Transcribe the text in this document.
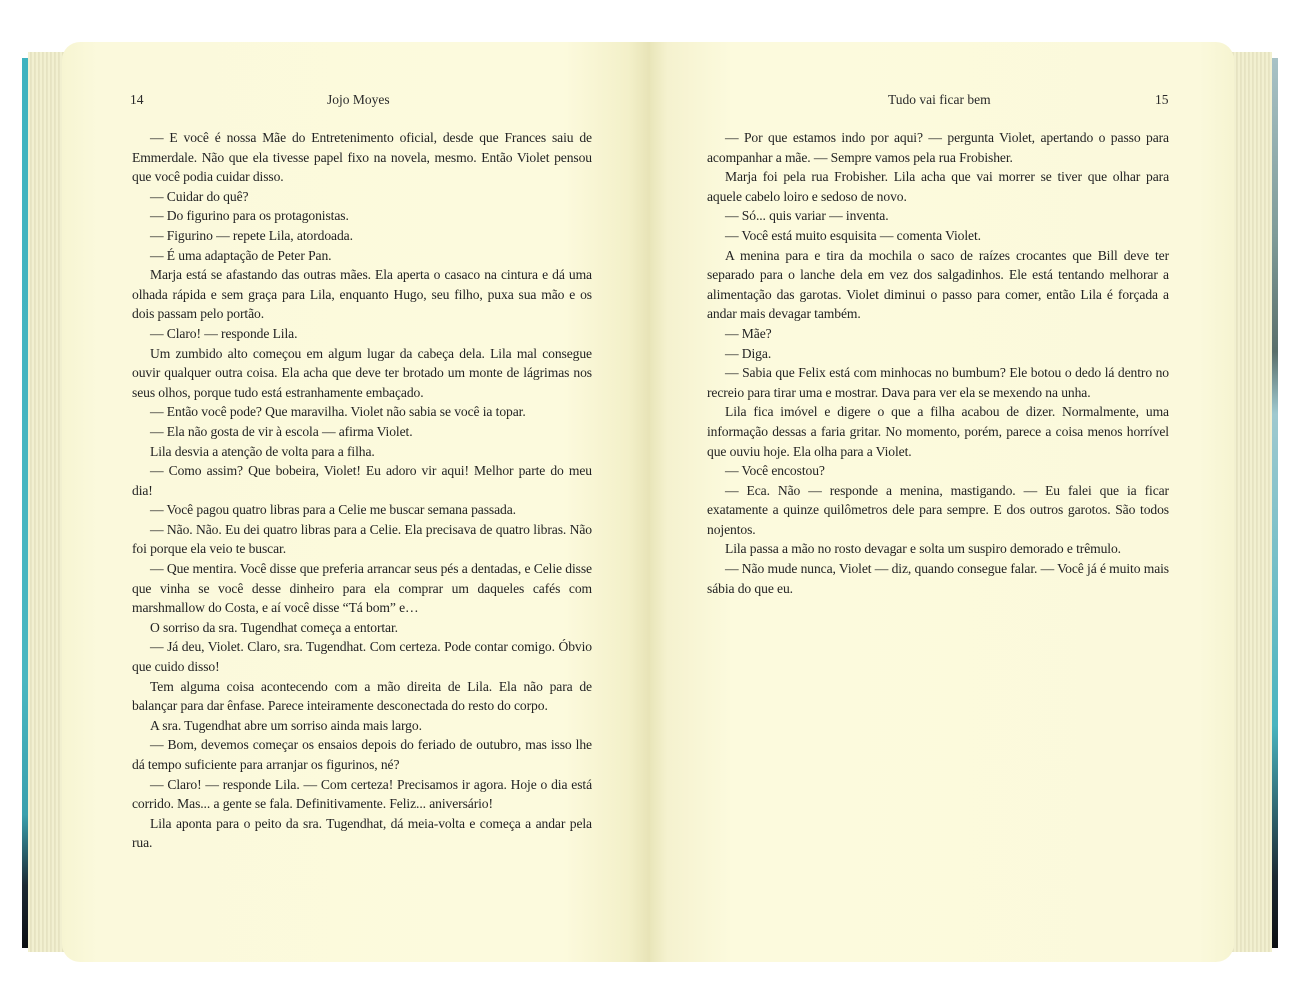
14	Jojo Moyes

— E você é nossa Mãe do Entretenimento oficial, desde que Frances saiu de Emmerdale. Não que ela tivesse papel fixo na novela, mesmo. Então Violet pensou que você podia cuidar disso.

— Cuidar do quê?

— Do figurino para os protagonistas.

— Figurino — repete Lila, atordoada.

— É uma adaptação de Peter Pan.

Marja está se afastando das outras mães. Ela aperta o casaco na cintura e dá uma olhada rápida e sem graça para Lila, enquanto Hugo, seu filho, puxa sua mão e os dois passam pelo portão.

— Claro! — responde Lila.

Um zumbido alto começou em algum lugar da cabeça dela. Lila mal consegue ouvir qualquer outra coisa. Ela acha que deve ter brotado um monte de lágrimas nos seus olhos, porque tudo está estranhamente embaçado.

— Então você pode? Que maravilha. Violet não sabia se você ia topar.

— Ela não gosta de vir à escola — afirma Violet.

Lila desvia a atenção de volta para a filha.

— Como assim? Que bobeira, Violet! Eu adoro vir aqui! Melhor parte do meu dia!

— Você pagou quatro libras para a Celie me buscar semana passada.

— Não. Não. Eu dei quatro libras para a Celie. Ela precisava de quatro libras. Não foi porque ela veio te buscar.

— Que mentira. Você disse que preferia arrancar seus pés a dentadas, e Celie disse que vinha se você desse dinheiro para ela comprar um daqueles cafés com marshmallow do Costa, e aí você disse “Tá bom” e…

O sorriso da sra. Tugendhat começa a entortar.

— Já deu, Violet. Claro, sra. Tugendhat. Com certeza. Pode contar comigo. Óbvio que cuido disso!

Tem alguma coisa acontecendo com a mão direita de Lila. Ela não para de balançar para dar ênfase. Parece inteiramente desconectada do resto do corpo.

A sra. Tugendhat abre um sorriso ainda mais largo.

— Bom, devemos começar os ensaios depois do feriado de outubro, mas isso lhe dá tempo suficiente para arranjar os figurinos, né?

— Claro! — responde Lila. — Com certeza! Precisamos ir agora. Hoje o dia está corrido. Mas... a gente se fala. Definitivamente. Feliz... aniversário!

Lila aponta para o peito da sra. Tugendhat, dá meia-volta e começa a andar pela rua.

Tudo vai ficar bem	15

— Por que estamos indo por aqui? — pergunta Violet, apertando o passo para acompanhar a mãe. — Sempre vamos pela rua Frobisher.

Marja foi pela rua Frobisher. Lila acha que vai morrer se tiver que olhar para aquele cabelo loiro e sedoso de novo.

— Só... quis variar — inventa.

— Você está muito esquisita — comenta Violet.

A menina para e tira da mochila o saco de raízes crocantes que Bill deve ter separado para o lanche dela em vez dos salgadinhos. Ele está tentando melhorar a alimentação das garotas. Violet diminui o passo para comer, então Lila é forçada a andar mais devagar também.

— Mãe?

— Diga.

— Sabia que Felix está com minhocas no bumbum? Ele botou o dedo lá dentro no recreio para tirar uma e mostrar. Dava para ver ela se mexendo na unha.

Lila fica imóvel e digere o que a filha acabou de dizer. Normalmente, uma informação dessas a faria gritar. No momento, porém, parece a coisa menos horrível que ouviu hoje. Ela olha para a Violet.

— Você encostou?

— Eca. Não — responde a menina, mastigando. — Eu falei que ia ficar exatamente a quinze quilômetros dele para sempre. E dos outros garotos. São todos nojentos.

Lila passa a mão no rosto devagar e solta um suspiro demorado e trêmulo.

— Não mude nunca, Violet — diz, quando consegue falar. — Você já é muito mais sábia do que eu.
